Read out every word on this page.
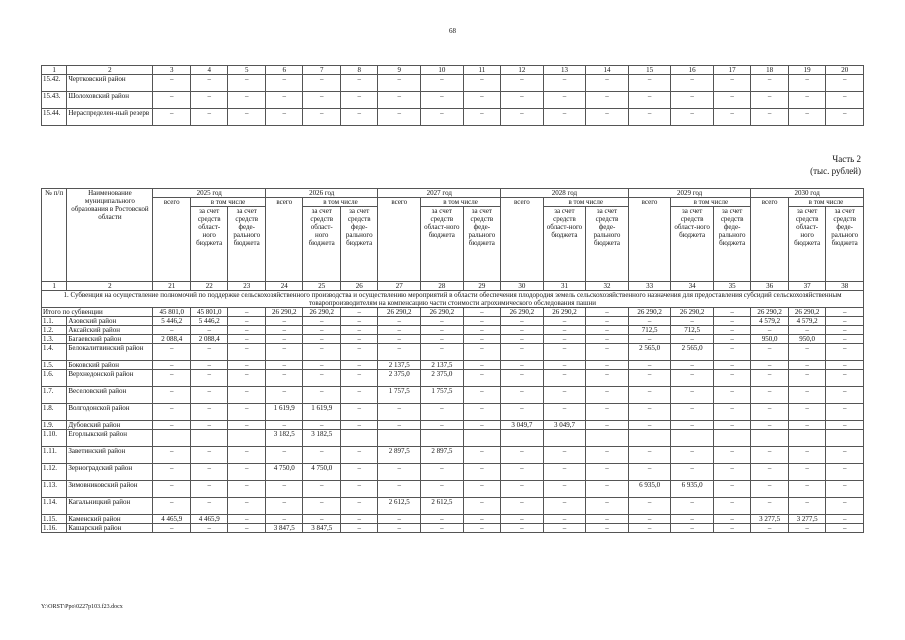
68
1	2	3	4	5	6	7	8	9	10	11	12	13	14	15	16	17	18	19	20
15.42.	Чертковский район	–	–	–	–	–	–	–	–	–	–	–	–	–	–	–	–	–	–
15.43.	Шолоховский район	–	–	–	–	–	–	–	–	–	–	–	–	–	–	–	–	–	–
15.44.	Нераспределен-ный резерв	–	–	–	–	–	–	–	–	–	–	–	–	–	–	–	–	–	–
Часть 2
(тыс. рублей)
№ п/п	Наименование муниципального образования в Ростовской области	2025 год			2026 год			2027 год			2028 год			2029 год			2030 год		
		всего	в том числе		всего	в том числе		всего	в том числе		всего	в том числе		всего	в том числе		всего	в том числе	
			за счет средств област-ного бюджета	за счет средств феде-рального бюджета		за счет средств област-ного бюджета	за счет средств феде-рального бюджета		за счет средств област-ного бюджета	за счет средств феде-рального бюджета		за счет средств област-ного бюджета	за счет средств феде-рального бюджета		за счет средств област-ного бюджета	за счет средств феде-рального бюджета		за счет средств област-ного бюджета	за счет средств феде-рального бюджета
1	2	21	22	23	24	25	26	27	28	29	30	31	32	33	34	35	36	37	38
1. Субвенция на осуществление полномочий по поддержке сельскохозяйственного производства и осуществлению мероприятий в области обеспечения плодородия земель сельскохозяйственного назначения для предоставления субсидий сельскохозяйственным товаропроизводителям на компенсацию части стоимости агрохимического обследования пашни																			
Итого по субвенции		45 801,0	45 801,0	–	26 290,2	26 290,2	–	26 290,2	26 290,2	–	26 290,2	26 290,2	–	26 290,2	26 290,2	–	26 290,2	26 290,2	–
1.1.	Азовский район	5 446,2	5 446,2	–	–	–	–	–	–	–	–	–	–	–	–	–	4 579,2	4 579,2	–
1.2.	Аксайский район	–	–	–	–	–	–	–	–	–	–	–	–	712,5	712,5	–	–	–	–
1.3.	Багаевский район	2 088,4	2 088,4	–	–	–	–	–	–	–	–	–	–	–	–	–	950,0	950,0	–
1.4.	Белокалитвинский район	–	–	–	–	–	–	–	–	–	–	–	–	2 565,0	2 565,0	–	–	–	–
1.5.	Боковский район	–	–	–	–	–	–	2 137,5	2 137,5	–	–	–	–	–	–	–	–	–	–
1.6.	Верхнедонской район	–	–	–	–	–	–	2 375,0	2 375,0	–	–	–	–	–	–	–	–	–	–
1.7.	Веселовский район	–	–	–	–	–	–	1 757,5	1 757,5	–	–	–	–	–	–	–	–	–	–
1.8.	Волгодонской район	–	–	–	1 619,9	1 619,9	–	–	–	–	–	–	–	–	–	–	–	–	–
1.9.	Дубовский район	–	–	–	–	–	–	–	–	–	3 049,7	3 049,7	–	–	–	–	–	–	–
1.10.	Егорлыкский район				3 182,5	3 182,5													
1.11.	Заветинский район	–	–	–	–	–	–	2 897,5	2 897,5	–	–	–	–	–	–	–	–	–	–
1.12.	Зерноградский район	–	–	–	4 750,0	4 750,0	–	–	–	–	–	–	–	–	–	–	–	–	–
1.13.	Зимовниковский район	–	–	–	–	–	–	–	–	–	–	–	–	6 935,0	6 935,0	–	–	–	–
1.14.	Кагальницкий район	–	–	–	–	–	–	2 612,5	2 612,5	–	–	–	–	–	–	–	–	–	–
1.15.	Каменский район	4 465,9	4 465,9	–	–	–	–	–	–	–	–	–	–	–	–	–	3 277,5	3 277,5	–
1.16.	Кашарский район	–	–	–	3 847,5	3 847,5	–	–	–	–	–	–	–	–	–	–	–	–	–
Y:\ORST\Ppo\0227p103.f23.docx
